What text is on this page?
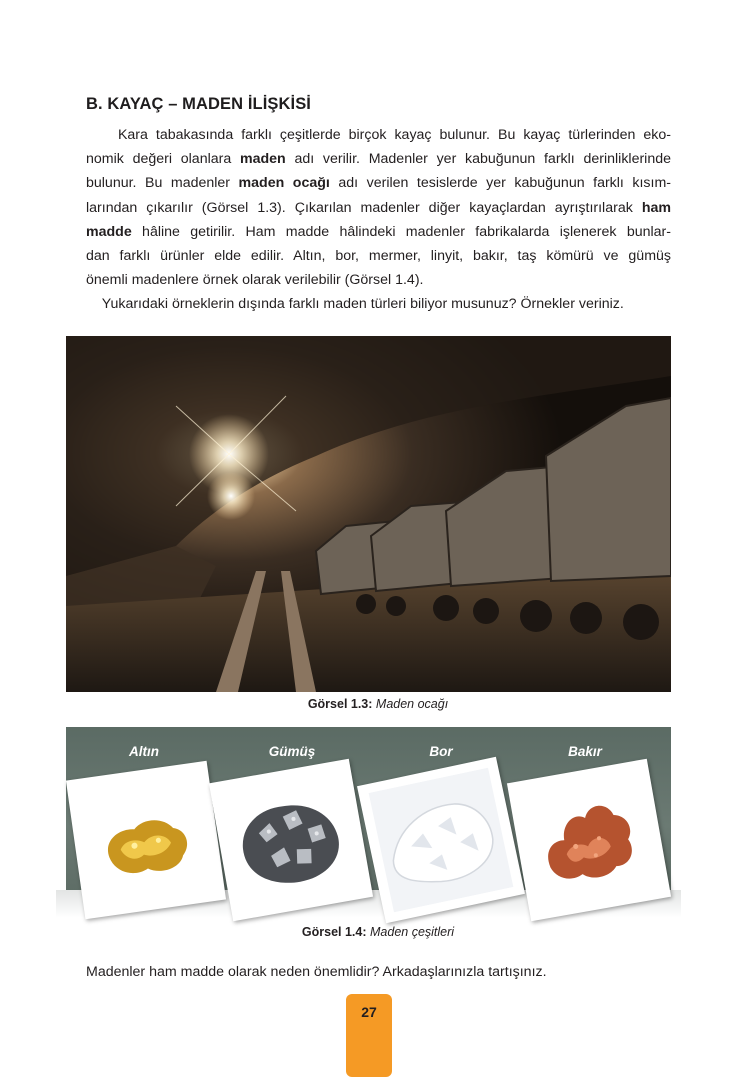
B. KAYAÇ – MADEN İLİŞKİSİ
Kara tabakasında farklı çeşitlerde birçok kayaç bulunur. Bu kayaç türlerinden eko-
nomik değeri olanlara maden adı verilir. Madenler yer kabuğunun farklı derinliklerinde
bulunur. Bu madenler maden ocağı adı verilen tesislerde yer kabuğunun farklı kısım-
larından çıkarılır (Görsel 1.3). Çıkarılan madenler diğer kayaçlardan ayrıştırılarak ham
madde hâline getirilir. Ham madde hâlindeki madenler fabrikalarda işlenerek bunlar-
dan farklı ürünler elde edilir. Altın, bor, mermer, linyit, bakır, taş kömürü ve gümüş
önemli madenlere örnek olarak verilebilir (Görsel 1.4).
Yukarıdaki örneklerin dışında farklı maden türleri biliyor musunuz? Örnekler veriniz.
Görsel 1.3: Maden ocağı
Altın	Gümüş	Bor	Bakır
Görsel 1.4: Maden çeşitleri
Madenler ham madde olarak neden önemlidir? Arkadaşlarınızla tartışınız.
27
